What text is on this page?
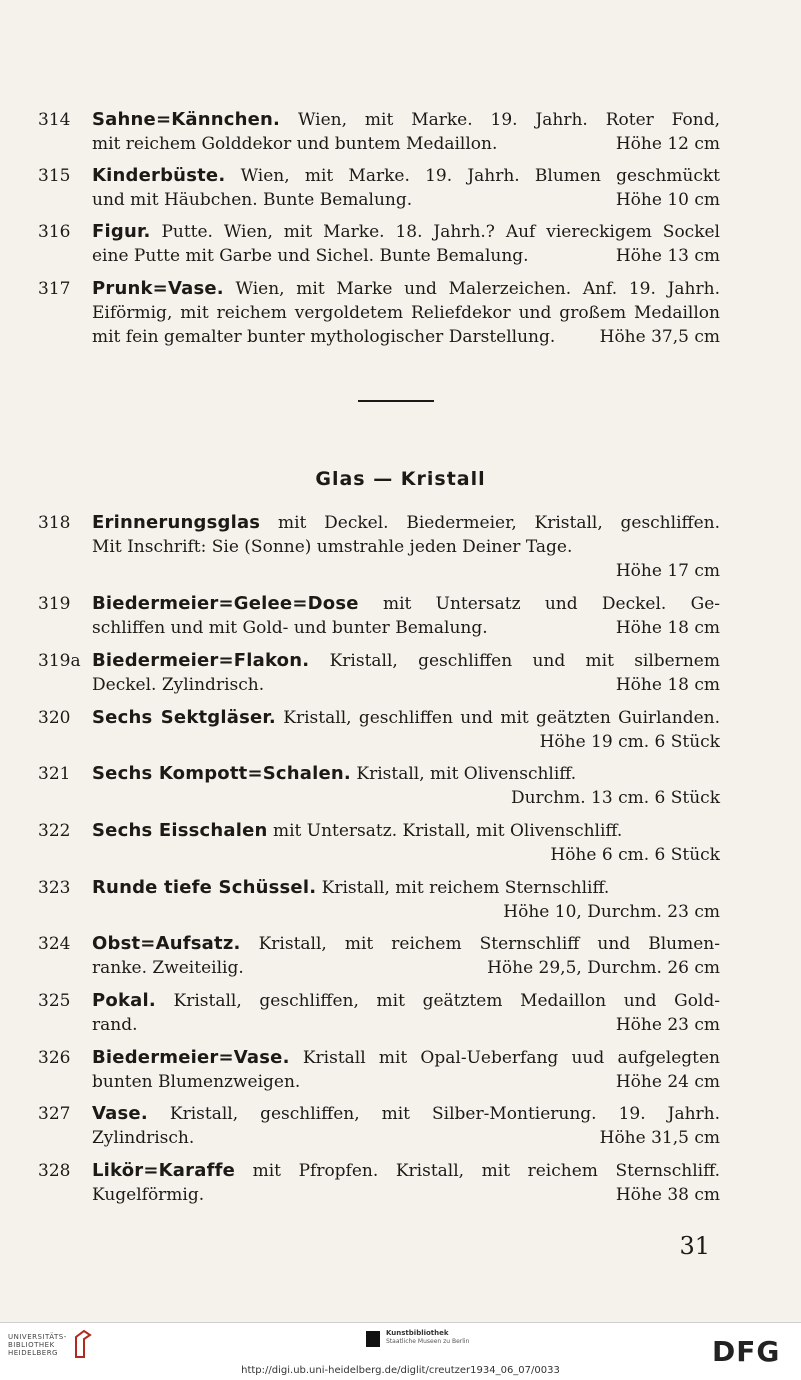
314	Sahne=Kännchen. Wien, mit Marke. 19. Jahrh. Roter Fond,
mit reichem Golddekor und buntem Medaillon.	Höhe 12 cm
315	Kinderbüste. Wien, mit Marke. 19. Jahrh. Blumen geschmückt
und mit Häubchen. Bunte Bemalung.	Höhe 10 cm
316	Figur. Putte. Wien, mit Marke. 18. Jahrh.? Auf viereckigem Sockel
eine Putte mit Garbe und Sichel. Bunte Bemalung.	Höhe 13 cm
317	Prunk=Vase. Wien, mit Marke und Malerzeichen. Anf. 19. Jahrh.
Eiförmig, mit reichem vergoldetem Reliefdekor und großem Medaillon
mit fein gemalter bunter mythologischer Darstellung.	Höhe 37,5 cm
Glas — Kristall
318	Erinnerungsglas mit Deckel. Biedermeier, Kristall, geschliffen.
Mit Inschrift: Sie (Sonne) umstrahle jeden Deiner Tage.
Höhe 17 cm
319	Biedermeier=Gelee=Dose mit Untersatz und Deckel. Ge-
schliffen und mit Gold- und bunter Bemalung.	Höhe 18 cm
319a Biedermeier=Flakon. Kristall, geschliffen und mit silbernem
Deckel. Zylindrisch.	Höhe 18 cm
320	Sechs Sektgläser. Kristall, geschliffen und mit geätzten Guirlanden.
Höhe 19 cm. 6 Stück
321	Sechs Kompott=Schalen. Kristall, mit Olivenschliff.
Durchm. 13 cm. 6 Stück
322	Sechs Eisschalen mit Untersatz. Kristall, mit Olivenschliff.
Höhe 6 cm. 6 Stück
323	Runde tiefe Schüssel. Kristall, mit reichem Sternschliff.
Höhe 10, Durchm. 23 cm
324	Obst=Aufsatz. Kristall, mit reichem Sternschliff und Blumen-
ranke. Zweiteilig.	Höhe 29,5, Durchm. 26 cm
325	Pokal. Kristall, geschliffen, mit geätztem Medaillon und Gold-
rand.	Höhe 23 cm
326	Biedermeier=Vase. Kristall mit Opal-Ueberfang uud aufgelegten
bunten Blumenzweigen.	Höhe 24 cm
327	Vase. Kristall, geschliffen, mit Silber-Montierung. 19. Jahrh.
Zylindrisch.	Höhe 31,5 cm
328	Likör=Karaffe mit Pfropfen. Kristall, mit reichem Sternschliff.
Kugelförmig.	Höhe 38 cm
31
UNIVERSITÄTS-
BIBLIOTHEK
HEIDELBERG
Kunstbibliothek
Staatliche Museen zu Berlin	DFG
http://digi.ub.uni-heidelberg.de/diglit/creutzer1934_06_07/0033
